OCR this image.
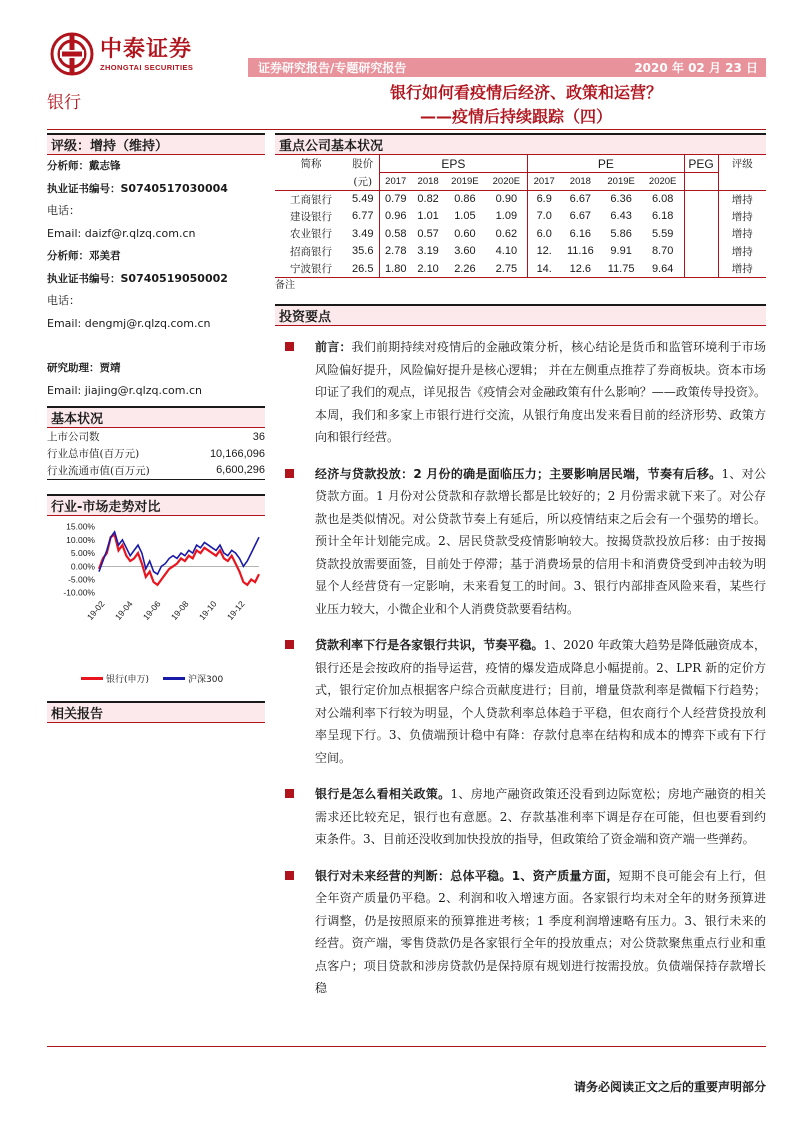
中泰证券
ZHONGTAI SECURITIES	证券研究报告/专题研究报告	2020 年 02 月 23 日
银行
银行如何看疫情后经济、政策和运营？
——疫情后持续跟踪（四）
评级：增持（维持）
分析师： 戴志锋
执业证书编号： S0740517030004
电话：
Email:
daizf@r.qlzq.com.cn
分析师： 邓美君
执业证书编号： S0740519050002
电话：
Email:
dengmj@r.qlzq.com.cn
研究助理： 贾靖
Email:
jiajing@r.qlzq.com.cn
基本状况
上市公司数	36
行业总市值(百万元)	10,166,096
行业流通市值(百万元)	6,600,296
行业-市场走势对比
15.00%
10.00%
5.00%
0.00%
-5.00%
-10.00%
19-02 19-04 19-06 19-08 19-10 19-12
银行(申万)	沪深300
相关报告
重点公司基本状况
简称	股价	EPS				PE				PEG	评级
	(元)	2017	2018	2019E	2020E	2017	2018	2019E	2020E		
工商银行	5.49	0.79	0.82	0.86	0.90	6.9	6.67	6.36	6.08		增持
建设银行	6.77	0.96	1.01	1.05	1.09	7.0	6.67	6.43	6.18		增持
农业银行	3.49	0.58	0.57	0.60	0.62	6.0	6.16	5.86	5.59		增持
招商银行	35.6	2.78	3.19	3.60	4.10	12.	11.16	9.91	8.70		增持
宁波银行	26.5	1.80	2.10	2.26	2.75	14.	12.6	11.75	9.64		增持
备注
投资要点
前言：我们前期持续对疫情后的金融政策分析，核心结论是货币和监管环境利于市场风险偏好提升，风险偏好提升是核心逻辑； 并在左侧重点推荐了券商板块。资本市场印证了我们的观点，详见报告《疫情会对金融政策有什么影响？——政策传导投资》。本周，我们和多家上市银行进行交流，从银行角度出发来看目前的经济形势、政策方向和银行经营。
经济与贷款投放：2 月份的确是面临压力；主要影响居民端，节奏有后移。1、对公贷款方面。1 月份对公贷款和存款增长都是比较好的；2 月份需求就下来了。对公存款也是类似情况。对公贷款节奏上有延后，所以疫情结束之后会有一个强势的增长。预计全年计划能完成。2、居民贷款受疫情影响较大。按揭贷款投放后移：由于按揭贷款投放需要面签，目前处于停滞；基于消费场景的信用卡和消费贷受到冲击较为明显个人经营贷有一定影响，未来看复工的时间。3、银行内部排查风险来看，某些行业压力较大，小微企业和个人消费贷款要看结构。
贷款利率下行是各家银行共识，节奏平稳。1、2020 年政策大趋势是降低融资成本，银行还是会按政府的指导运营，疫情的爆发造成降息小幅提前。2、LPR 新的定价方式，银行定价加点根据客户综合贡献度进行；目前，增量贷款利率是微幅下行趋势；对公端利率下行较为明显，个人贷款利率总体趋于平稳，但农商行个人经营贷投放利率呈现下行。3、负债端预计稳中有降：存款付息率在结构和成本的博弈下或有下行空间。
银行是怎么看相关政策。1、房地产融资政策还没看到边际宽松；房地产融资的相关需求还比较充足，银行也有意愿。2、存款基准利率下调是存在可能，但也要看到约束条件。3、目前还没收到加快投放的指导，但政策给了资金端和资产端一些弹药。
银行对未来经营的判断：总体平稳。1、资产质量方面，短期不良可能会有上行，但全年资产质量仍平稳。2、利润和收入增速方面。各家银行均未对全年的财务预算进行调整，仍是按照原来的预算推进考核；1 季度利润增速略有压力。3、银行未来的经营。资产端，零售贷款仍是各家银行全年的投放重点；对公贷款聚焦重点行业和重点客户；项目贷款和涉房贷款仍是保持原有规划进行按需投放。负债端保持存款增长稳
请务必阅读正文之后的重要声明部分
